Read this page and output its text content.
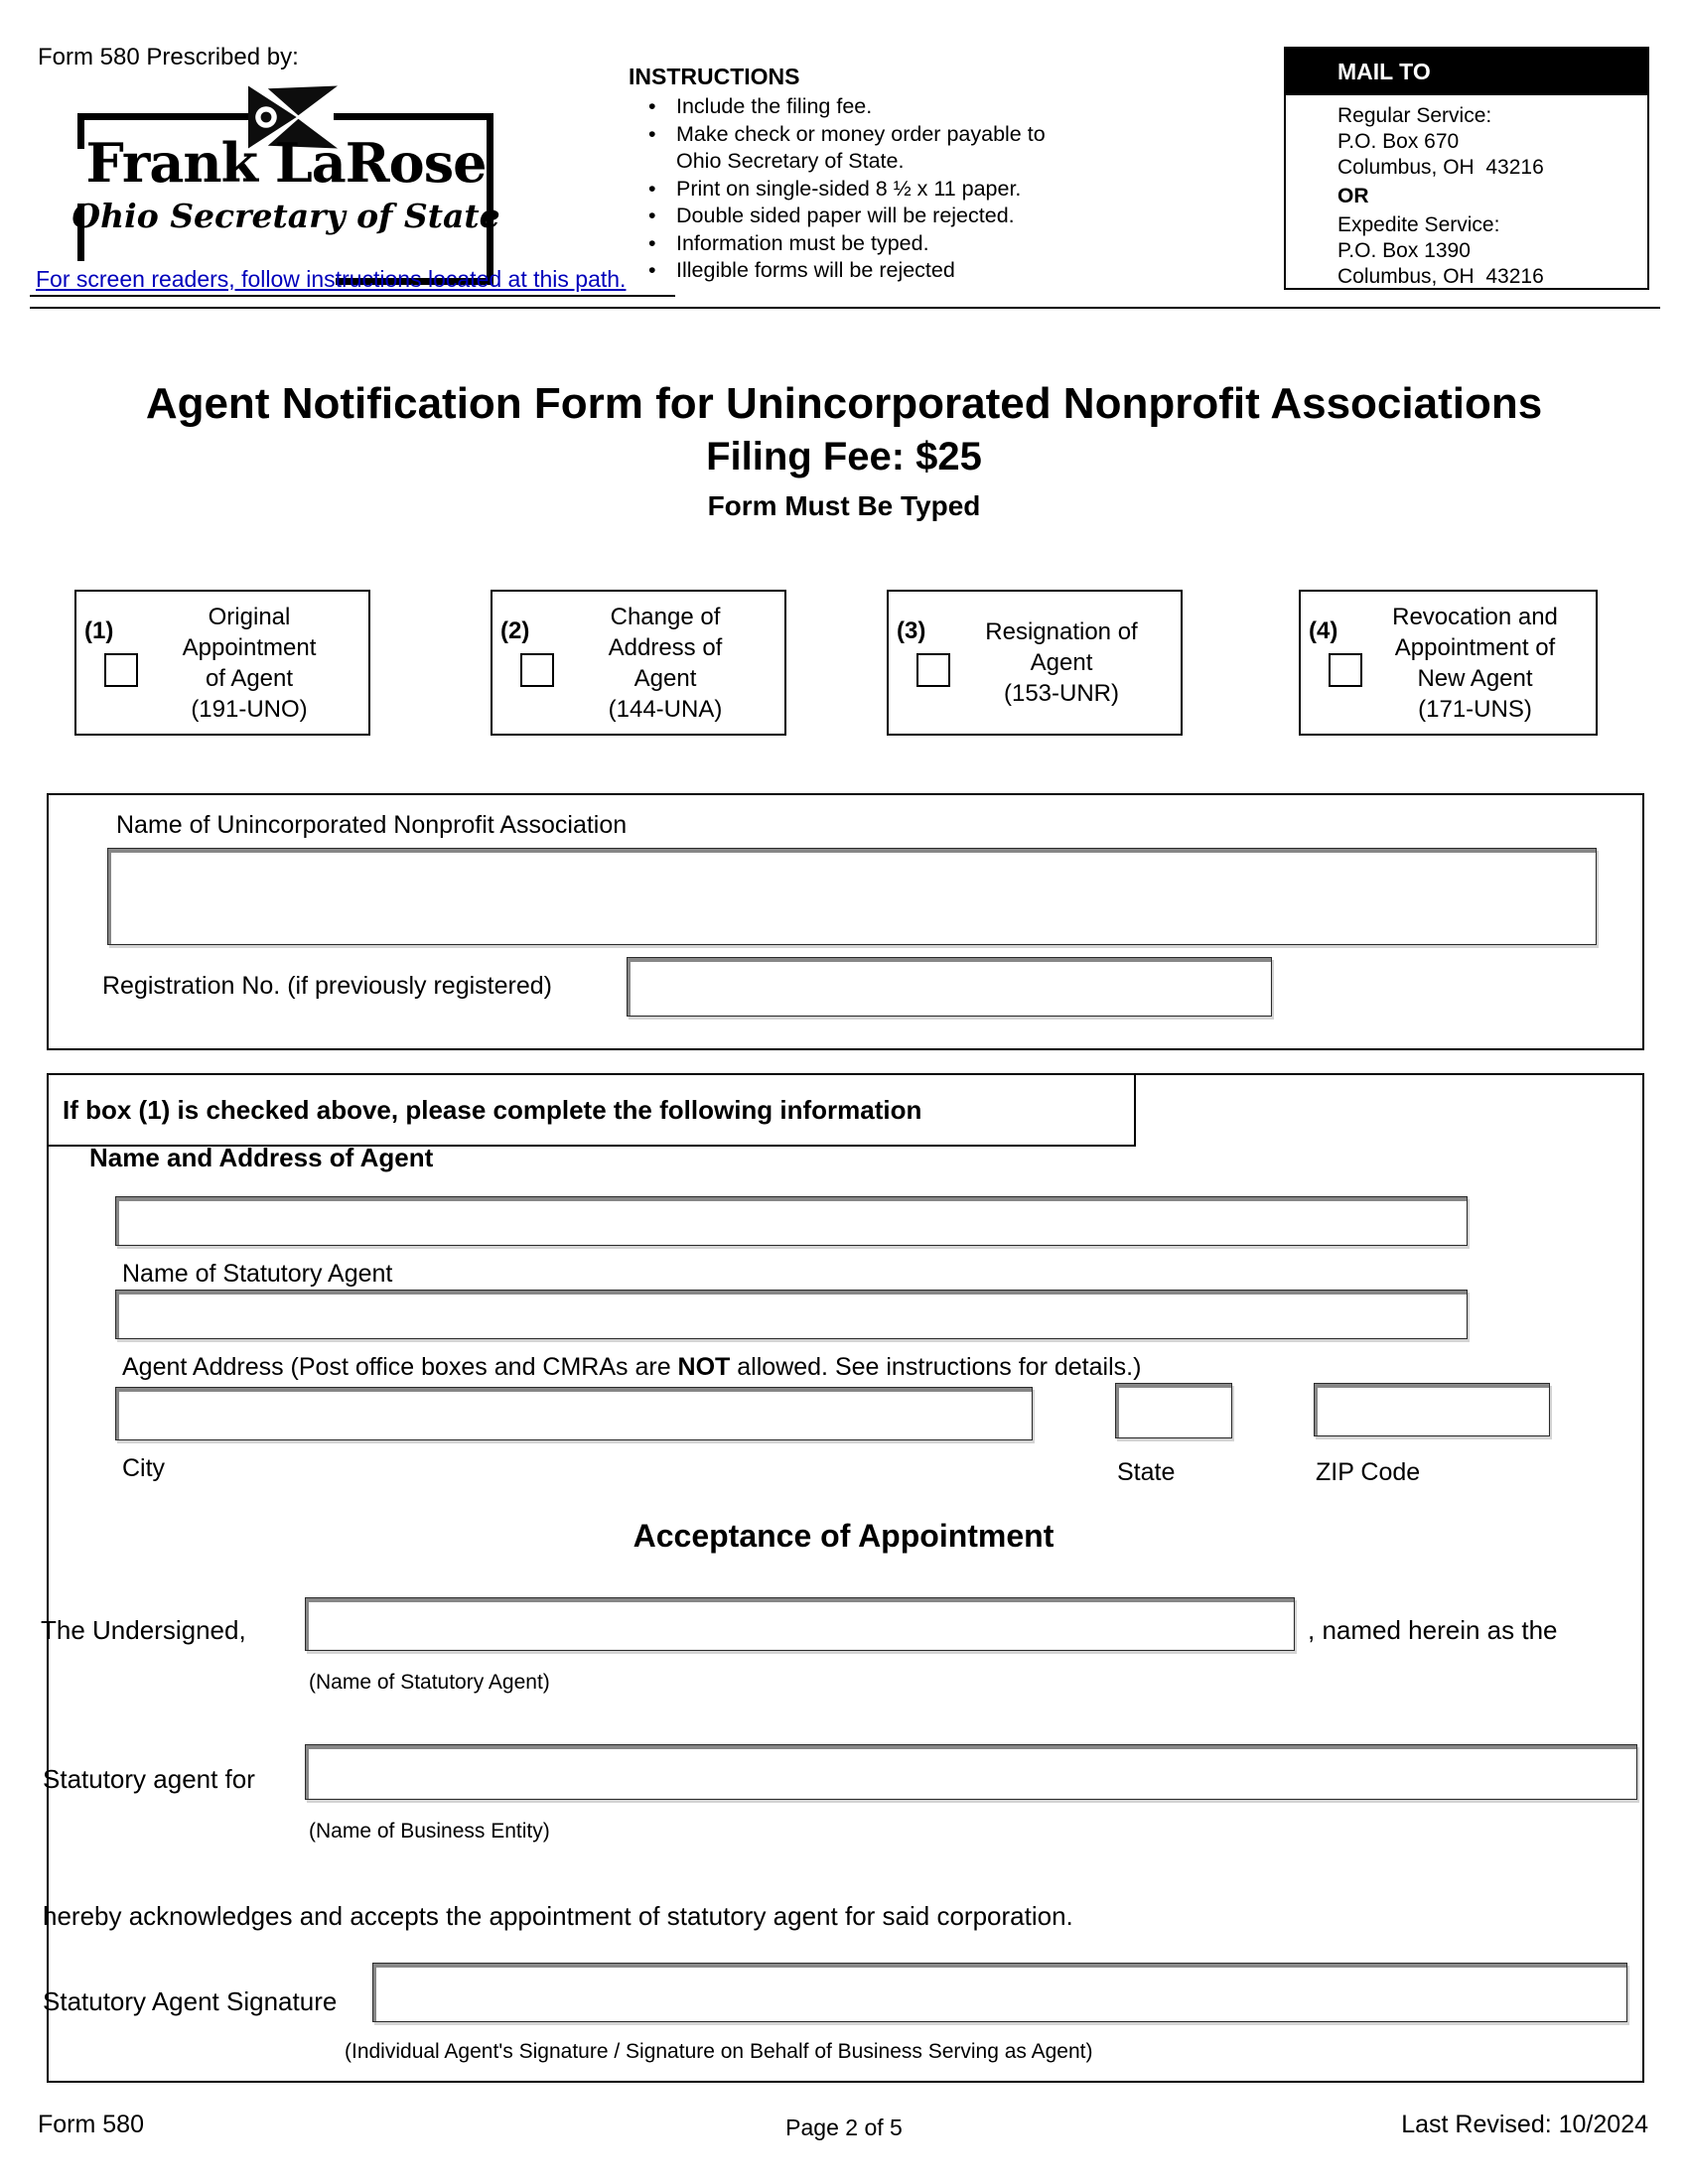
Form 580 Prescribed by:
Frank LaRose
Ohio Secretary of State
For screen readers, follow instructions located at this path.
INSTRUCTIONS
• Include the filing fee.
• Make check or money order payable to
Ohio Secretary of State.
• Print on single-sided 8 ½ x 11 paper.
• Double sided paper will be rejected.
• Information must be typed.
• Illegible forms will be rejected
MAIL TO
Regular Service:
P.O. Box 670
Columbus, OH  43216
OR
Expedite Service:
P.O. Box 1390
Columbus, OH  43216
Agent Notification Form for Unincorporated Nonprofit Associations
Filing Fee: $25
Form Must Be Typed
(1)
Original
Appointment
of Agent
(191-UNO)
(2)
Change of
Address of
Agent
(144-UNA)
(3) Resignation of
Agent
(153-UNR)
(4)
Revocation and
Appointment of
New Agent
(171-UNS)
Name of Unincorporated Nonprofit Association
Registration No. (if previously registered)
If box (1) is checked above, please complete the following information
Name and Address of Agent
Name of Statutory Agent
Agent Address (Post office boxes and CMRAs are NOT allowed. See instructions for details.)
City	State	ZIP Code
Acceptance of Appointment
The Undersigned,	, named herein as the
(Name of Statutory Agent)
Statutory agent for
(Name of Business Entity)
hereby acknowledges and accepts the appointment of statutory agent for said corporation.
Statutory Agent Signature
(Individual Agent's Signature / Signature on Behalf of Business Serving as Agent)
Form 580	Page 2 of 5	Last Revised: 10/2024
